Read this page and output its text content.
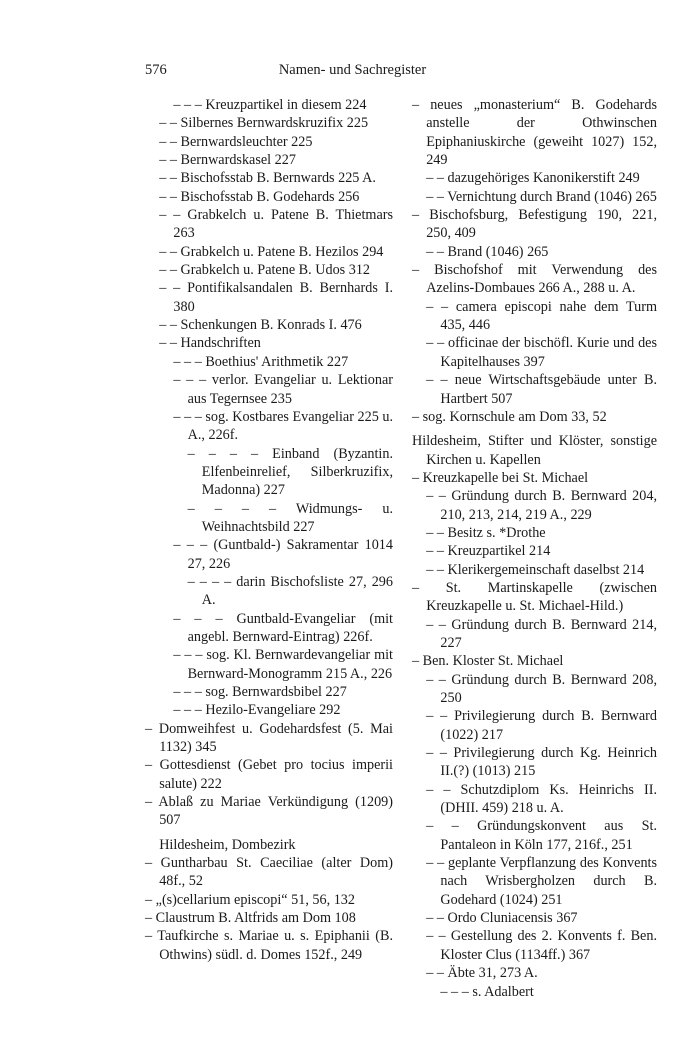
576	Namen- und Sachregister
– – – Kreuzpartikel in diesem 224
– – Silbernes Bernwardskruzifix 225
– – Bernwardsleuchter 225
– – Bernwardskasel 227
– – Bischofsstab B. Bernwards 225 A.
– – Bischofsstab B. Godehards 256
– – Grabkelch u. Patene B. Thietmars 263
– – Grabkelch u. Patene B. Hezilos 294
– – Grabkelch u. Patene B. Udos 312
– – Pontifikalsandalen B. Bernhards I. 380
– – Schenkungen B. Konrads I. 476
– – Handschriften
– – – Boethius' Arithmetik 227
– – – verlor. Evangeliar u. Lektionar aus Tegernsee 235
– – – sog. Kostbares Evangeliar 225 u. A., 226f.
– – – – Einband (Byzantin. Elfenbeinrelief, Silberkruzifix, Madonna) 227
– – – – Widmungs- u. Weihnachtsbild 227
– – – (Guntbald-) Sakramentar 1014 27, 226
– – – – darin Bischofsliste 27, 296 A.
– – – Guntbald-Evangeliar (mit angebl. Bernward-Eintrag) 226f.
– – – sog. Kl. Bernwardevangeliar mit Bernward-Monogramm 215 A., 226
– – – sog. Bernwardsbibel 227
– – – Hezilo-Evangeliare 292
– Domweihfest u. Godehardsfest (5. Mai 1132) 345
– Gottesdienst (Gebet pro tocius imperii salute) 222
– Ablaß zu Mariae Verkündigung (1209) 507
Hildesheim, Dombezirk
– Guntharbau St. Caeciliae (alter Dom) 48f., 52
– „(s)cellarium episcopi“ 51, 56, 132
– Claustrum B. Altfrids am Dom 108
– Taufkirche s. Mariae u. s. Epiphanii (B. Othwins) südl. d. Domes 152f., 249
– neues „monasterium“ B. Godehards anstelle der Othwinschen Epiphaniuskirche (geweiht 1027) 152, 249
– – dazugehöriges Kanonikerstift 249
– – Vernichtung durch Brand (1046) 265
– Bischofsburg, Befestigung 190, 221, 250, 409
– – Brand (1046) 265
– Bischofshof mit Verwendung des Azelins-Dombaues 266 A., 288 u. A.
– – camera episcopi nahe dem Turm 435, 446
– – officinae der bischöfl. Kurie und des Kapitelhauses 397
– – neue Wirtschaftsgebäude unter B. Hartbert 507
– sog. Kornschule am Dom 33, 52
Hildesheim, Stifter und Klöster, sonstige Kirchen u. Kapellen
– Kreuzkapelle bei St. Michael
– – Gründung durch B. Bernward 204, 210, 213, 214, 219 A., 229
– – Besitz s. *Drothe
– – Kreuzpartikel 214
– – Klerikergemeinschaft daselbst 214
– St. Martinskapelle (zwischen Kreuzkapelle u. St. Michael-Hild.)
– – Gründung durch B. Bernward 214, 227
– Ben. Kloster St. Michael
– – Gründung durch B. Bernward 208, 250
– – Privilegierung durch B. Bernward (1022) 217
– – Privilegierung durch Kg. Heinrich II.(?) (1013) 215
– – Schutzdiplom Ks. Heinrichs II. (DHII. 459) 218 u. A.
– – Gründungskonvent aus St. Pantaleon in Köln 177, 216f., 251
– – geplante Verpflanzung des Konvents nach Wrisbergholzen durch B. Godehard (1024) 251
– – Ordo Cluniacensis 367
– – Gestellung des 2. Konvents f. Ben. Kloster Clus (1134ff.) 367
– – Äbte 31, 273 A.
– – – s. Adalbert
